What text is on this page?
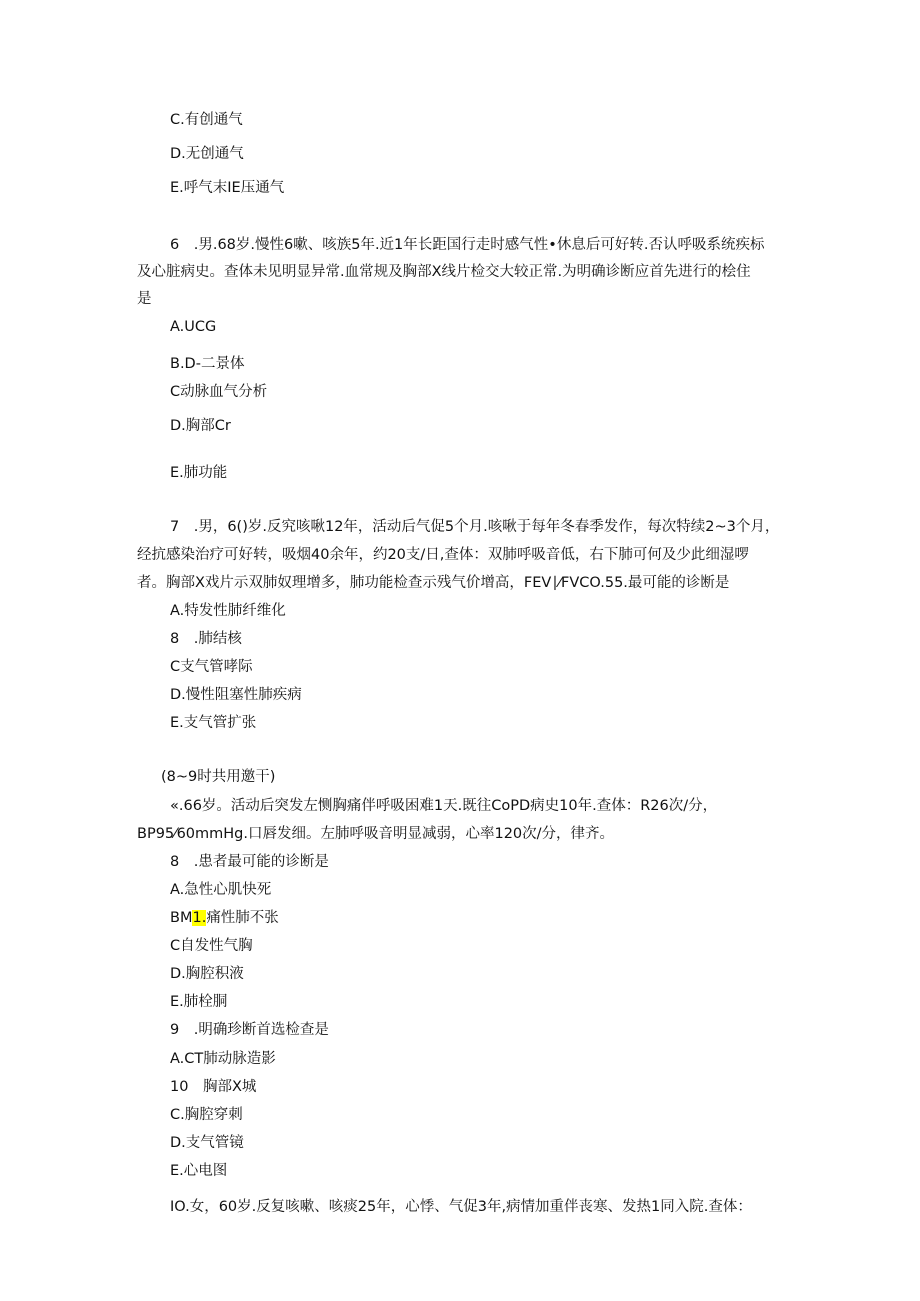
C.有创通气

D.无创通气

E.呼气末IE压通气

6　.男.68岁.慢性6嗽、咳族5年.近1年长距国行走时感气性•休息后可好转.否认呼吸系统疾标

及心脏病史。查体未见明显异常.血常规及胸部X线片检交大较正常.为明确诊断应首先进行的桧住

是

A.UCG

B.D-二景体

C动脉血气分析

D.胸部Cr

E.肺功能

7　.男，6()岁.反究咳啾12年，活动后气促5个月.咳啾于每年冬春季发作，每次特续2~3个月，

经抗感染治疗可好转，吸烟40余年，约20支/日,查体：双肺呼吸音低，右下肺可何及少此细湿啰

者。胸部X戏片示双肺奴理增多，肺功能检查示残气价增高，FEV∣⁄FVCO.55.最可能的诊断是

A.特发性肺纤维化

8　.肺结核

C支气管哮际

D.慢性阻塞性肺疾病

E.支气管扩张

(8~9时共用邀干)

«.66岁。活动后突发左恻胸痛伴呼吸困难1天.既往CoPD病史10年.查体：R26次/分，

BP95⁄60mmHg.口唇发细。左肺呼吸音明显减弱，心率120次/分，律齐。

8　.患者最可能的诊断是

A.急性心肌快死

BM1.痛性肺不张

C自发性气胸

D.胸腔积液

E.肺栓胴

9　.明确珍断首选检查是

A.CT肺动脉造影

10　胸部X城

C.胸腔穿刺

D.支气管镜

E.心电图

IO.女，60岁.反复咳嗽、咳痰25年，心悸、气促3年,病情加重伴丧寒、发热1同入院.查体：
